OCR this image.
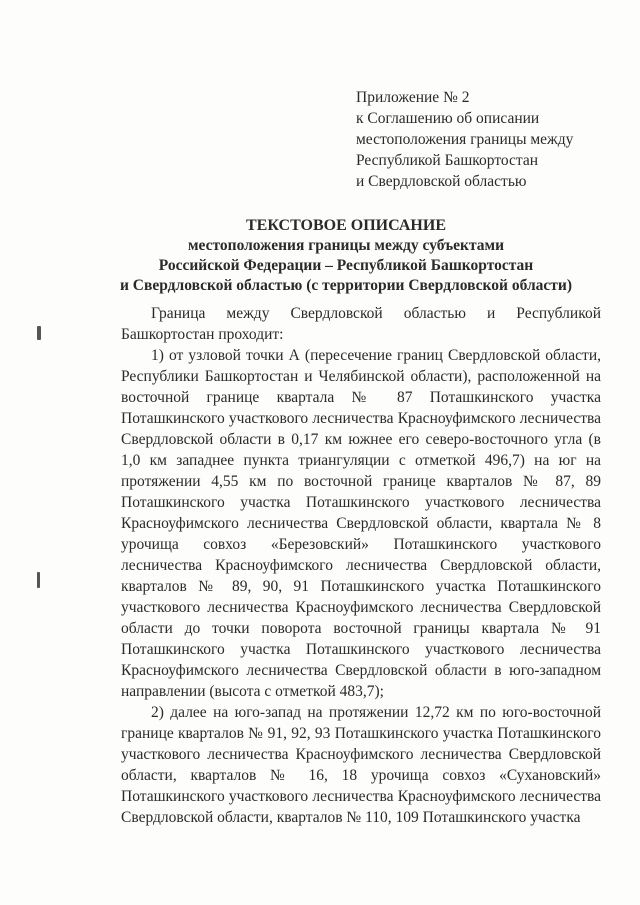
Приложение № 2
к Соглашению об описании
местоположения границы между
Республикой Башкортостан
и Свердловской областью
ТЕКСТОВОЕ ОПИСАНИЕ
местоположения границы между субъектами
Российской Федерации – Республикой Башкортостан
и Свердловской областью (с территории Свердловской области)

Граница между Свердловской областью и Республикой Башкортостан проходит:

1) от узловой точки А (пересечение границ Свердловской области, Республики Башкортостан и Челябинской области), расположенной на восточной границе квартала № 87 Поташкинского участка Поташкинского участкового лесничества Красноуфимского лесничества Свердловской области в 0,17 км южнее его северо-восточного угла (в 1,0 км западнее пункта триангуляции с отметкой 496,7) на юг на протяжении 4,55 км по восточной границе кварталов № 87, 89 Поташкинского участка Поташкинского участкового лесничества Красноуфимского лесничества Свердловской области, квартала № 8 урочища совхоз «Березовский» Поташкинского участкового лесничества Красноуфимского лесничества Свердловской области, кварталов № 89, 90, 91 Поташкинского участка Поташкинского участкового лесничества Красноуфимского лесничества Свердловской области до точки поворота восточной границы квартала № 91 Поташкинского участка Поташкинского участкового лесничества Красноуфимского лесничества Свердловской области в юго-западном направлении (высота с отметкой 483,7);

2) далее на юго-запад на протяжении 12,72 км по юго-восточной границе кварталов № 91, 92, 93 Поташкинского участка Поташкинского участкового лесничества Красноуфимского лесничества Свердловской области, кварталов № 16, 18 урочища совхоз «Сухановский» Поташкинского участкового лесничества Красноуфимского лесничества Свердловской области, кварталов № 110, 109 Поташкинского участка
